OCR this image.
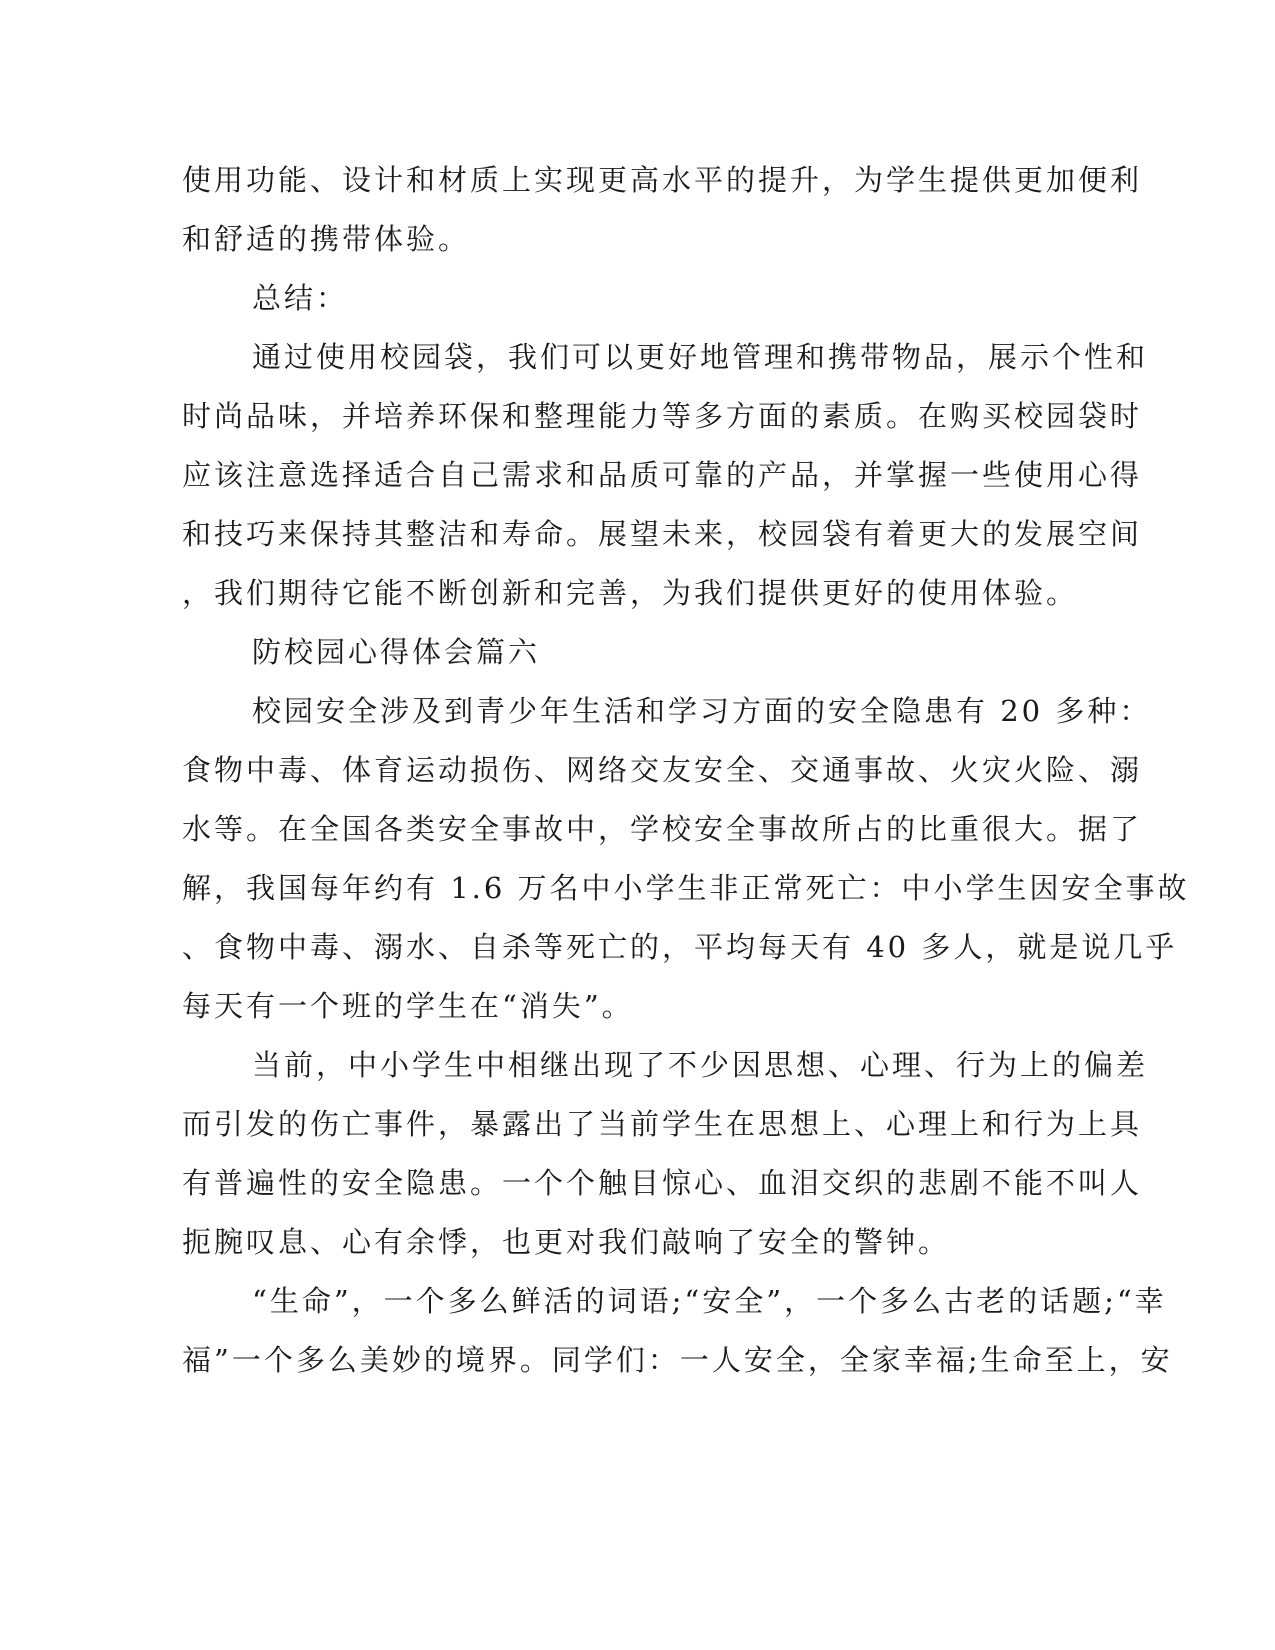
使用功能、设计和材质上实现更高水平的提升，为学生提供更加便利

和舒适的携带体验。

总结：

通过使用校园袋，我们可以更好地管理和携带物品，展示个性和

时尚品味，并培养环保和整理能力等多方面的素质。在购买校园袋时

应该注意选择适合自己需求和品质可靠的产品，并掌握一些使用心得

和技巧来保持其整洁和寿命。展望未来，校园袋有着更大的发展空间

，我们期待它能不断创新和完善，为我们提供更好的使用体验。

防校园心得体会篇六

校园安全涉及到青少年生活和学习方面的安全隐患有 20 多种：

食物中毒、体育运动损伤、网络交友安全、交通事故、火灾火险、溺

水等。在全国各类安全事故中，学校安全事故所占的比重很大。据了

解，我国每年约有 1.6 万名中小学生非正常死亡：中小学生因安全事故

、食物中毒、溺水、自杀等死亡的，平均每天有 40 多人，就是说几乎

每天有一个班的学生在“消失”。

当前，中小学生中相继出现了不少因思想、心理、行为上的偏差

而引发的伤亡事件，暴露出了当前学生在思想上、心理上和行为上具

有普遍性的安全隐患。一个个触目惊心、血泪交织的悲剧不能不叫人

扼腕叹息、心有余悸，也更对我们敲响了安全的警钟。

“生命”，一个多么鲜活的词语;“安全”，一个多么古老的话题;“幸

福”一个多么美妙的境界。同学们：一人安全，全家幸福;生命至上，安
